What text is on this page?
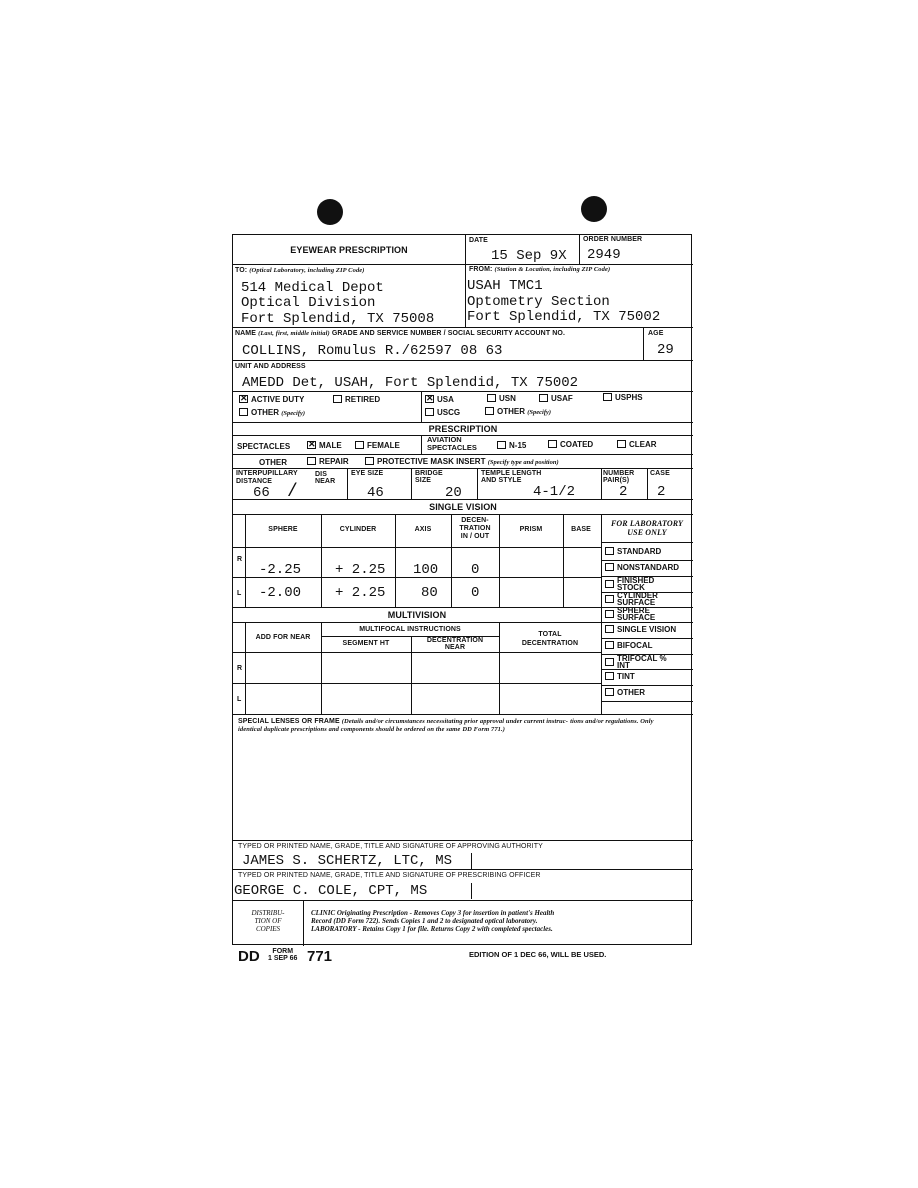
EYEWEAR PRESCRIPTION
DATE
15 Sep 9X
ORDER NUMBER
2949
TO: (Optical Laboratory, including ZIP Code)
514 Medical Depot
Optical Division
Fort Splendid, TX 75008
FROM: (Station & Location, including ZIP Code)
USAH TMC1
Optometry Section
Fort Splendid, TX 75002
NAME (Last, first, middle initial) GRADE AND SERVICE NUMBER / SOCIAL SECURITY ACCOUNT NO.
COLLINS, Romulus R./62597 08 63
AGE
29
UNIT AND ADDRESS
AMEDD Det, USAH, Fort Splendid, TX 75002
✕ACTIVE DUTY	RETIRED
OTHER (Specify)
✕USA	USN	USAF	USPHS
USCG	OTHER (Specify)
PRESCRIPTION
SPECTACLES
✕	MALE	FEMALE
AVIATION
SPECTACLES	N-15	COATED	CLEAR
OTHER	REPAIR	PROTECTIVE MASK INSERT (Specify type and position)
INTERPUPILLARY
DISTANCE
DIS
NEAR
66 /
EYE SIZE
46
BRIDGE
SIZE
20
TEMPLE LENGTH
AND STYLE
4-1/2
NUMBER
PAIR(S)
2
CASE
2
SINGLE VISION
SPHERE	CYLINDER	AXIS
DECEN-
TRATION
IN / OUT
PRISM	BASE
R
-2.25 + 2.25 100 0
L -2.00 + 2.25	80 0
FOR LABORATORY
USE ONLY
STANDARD
NONSTANDARD
FINISHED
STOCK
CYLINDER
SURFACE
SPHERE
SURFACE
SINGLE VISION
BIFOCAL
TRIFOCAL %
INT
TINT
OTHER
MULTIVISION
ADD FOR NEAR
MULTIFOCAL INSTRUCTIONS
SEGMENT HT	DECENTRATION
NEAR
TOTAL
DECENTRATION
R
L
SPECIAL LENSES OR FRAME (Details and/or circumstances necessitating prior approval under current instruc- tions and/or regulations. Only identical duplicate prescriptions and components should be ordered on the same DD Form 771.)
TYPED OR PRINTED NAME, GRADE, TITLE AND SIGNATURE OF APPROVING AUTHORITY
JAMES S. SCHERTZ, LTC, MS
TYPED OR PRINTED NAME, GRADE, TITLE AND SIGNATURE OF PRESCRIBING OFFICER
GEORGE C. COLE, CPT, MS
DISTRIBU-
TION OF
COPIES
CLINIC Originating Prescription - Removes Copy 3 for insertion in patient's Health
Record (DD Form 722). Sends Copies 1 and 2 to designated optical laboratory.
LABORATORY - Retains Copy 1 for file. Returns Copy 2 with completed spectacles.
DD	FORM
1 SEP 66 771	EDITION OF 1 DEC 66, WILL BE USED.
